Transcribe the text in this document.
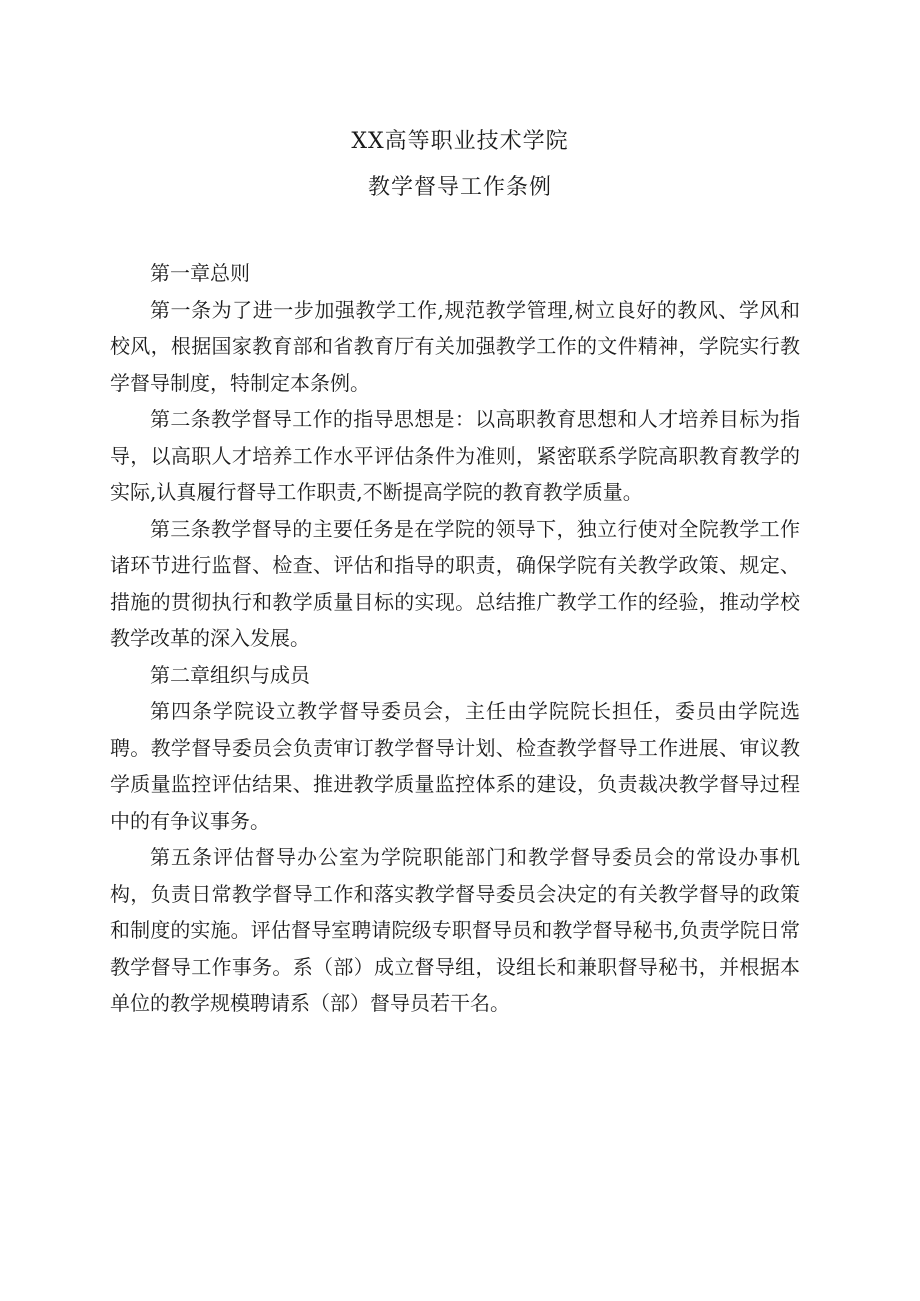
XX高等职业技术学院
教学督导工作条例

第一章总则

第一条为了进一步加强教学工作,规范教学管理,树立良好的教风、学风和校风，根据国家教育部和省教育厅有关加强教学工作的文件精神，学院实行教学督导制度，特制定本条例。

第二条教学督导工作的指导思想是：以高职教育思想和人才培养目标为指导，以高职人才培养工作水平评估条件为准则，紧密联系学院高职教育教学的实际,认真履行督导工作职责,不断提高学院的教育教学质量。

第三条教学督导的主要任务是在学院的领导下，独立行使对全院教学工作诸环节进行监督、检查、评估和指导的职责，确保学院有关教学政策、规定、措施的贯彻执行和教学质量目标的实现。总结推广教学工作的经验，推动学校教学改革的深入发展。

第二章组织与成员

第四条学院设立教学督导委员会，主任由学院院长担任，委员由学院选聘。教学督导委员会负责审订教学督导计划、检查教学督导工作进展、审议教学质量监控评估结果、推进教学质量监控体系的建设，负责裁决教学督导过程中的有争议事务。

第五条评估督导办公室为学院职能部门和教学督导委员会的常设办事机构，负责日常教学督导工作和落实教学督导委员会决定的有关教学督导的政策和制度的实施。评估督导室聘请院级专职督导员和教学督导秘书,负责学院日常教学督导工作事务。系（部）成立督导组，设组长和兼职督导秘书，并根据本单位的教学规模聘请系（部）督导员若干名。
